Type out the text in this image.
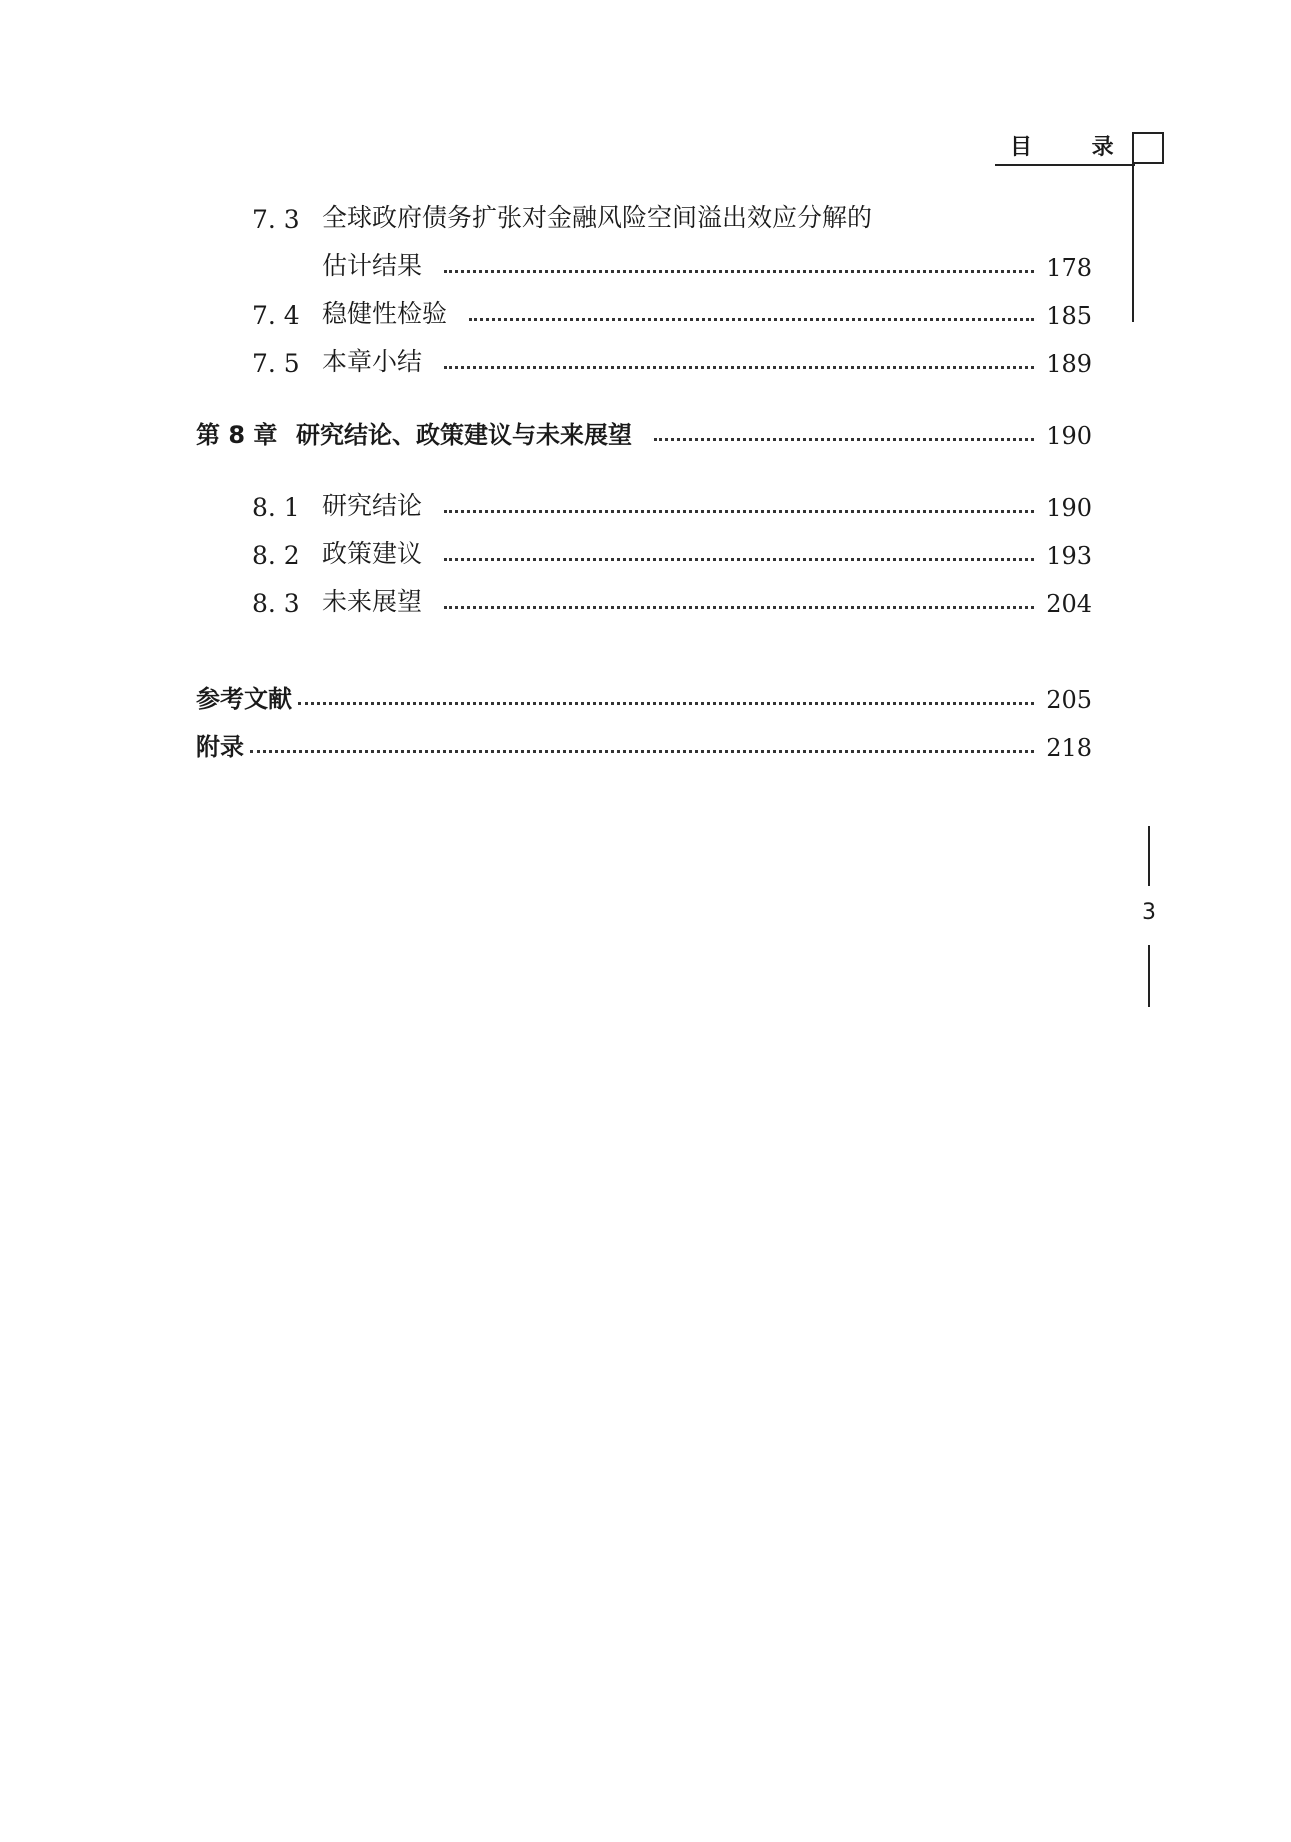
目 录
7. 3 全球政府债务扩张对金融风险空间溢出效应分解的
估计结果	178
7. 4 稳健性检验	185
7. 5 本章小结	189
第 8 章 研究结论、政策建议与未来展望	190
8. 1 研究结论	190
8. 2 政策建议	193
8. 3 未来展望	204
参考文献	205
附录	218
3
